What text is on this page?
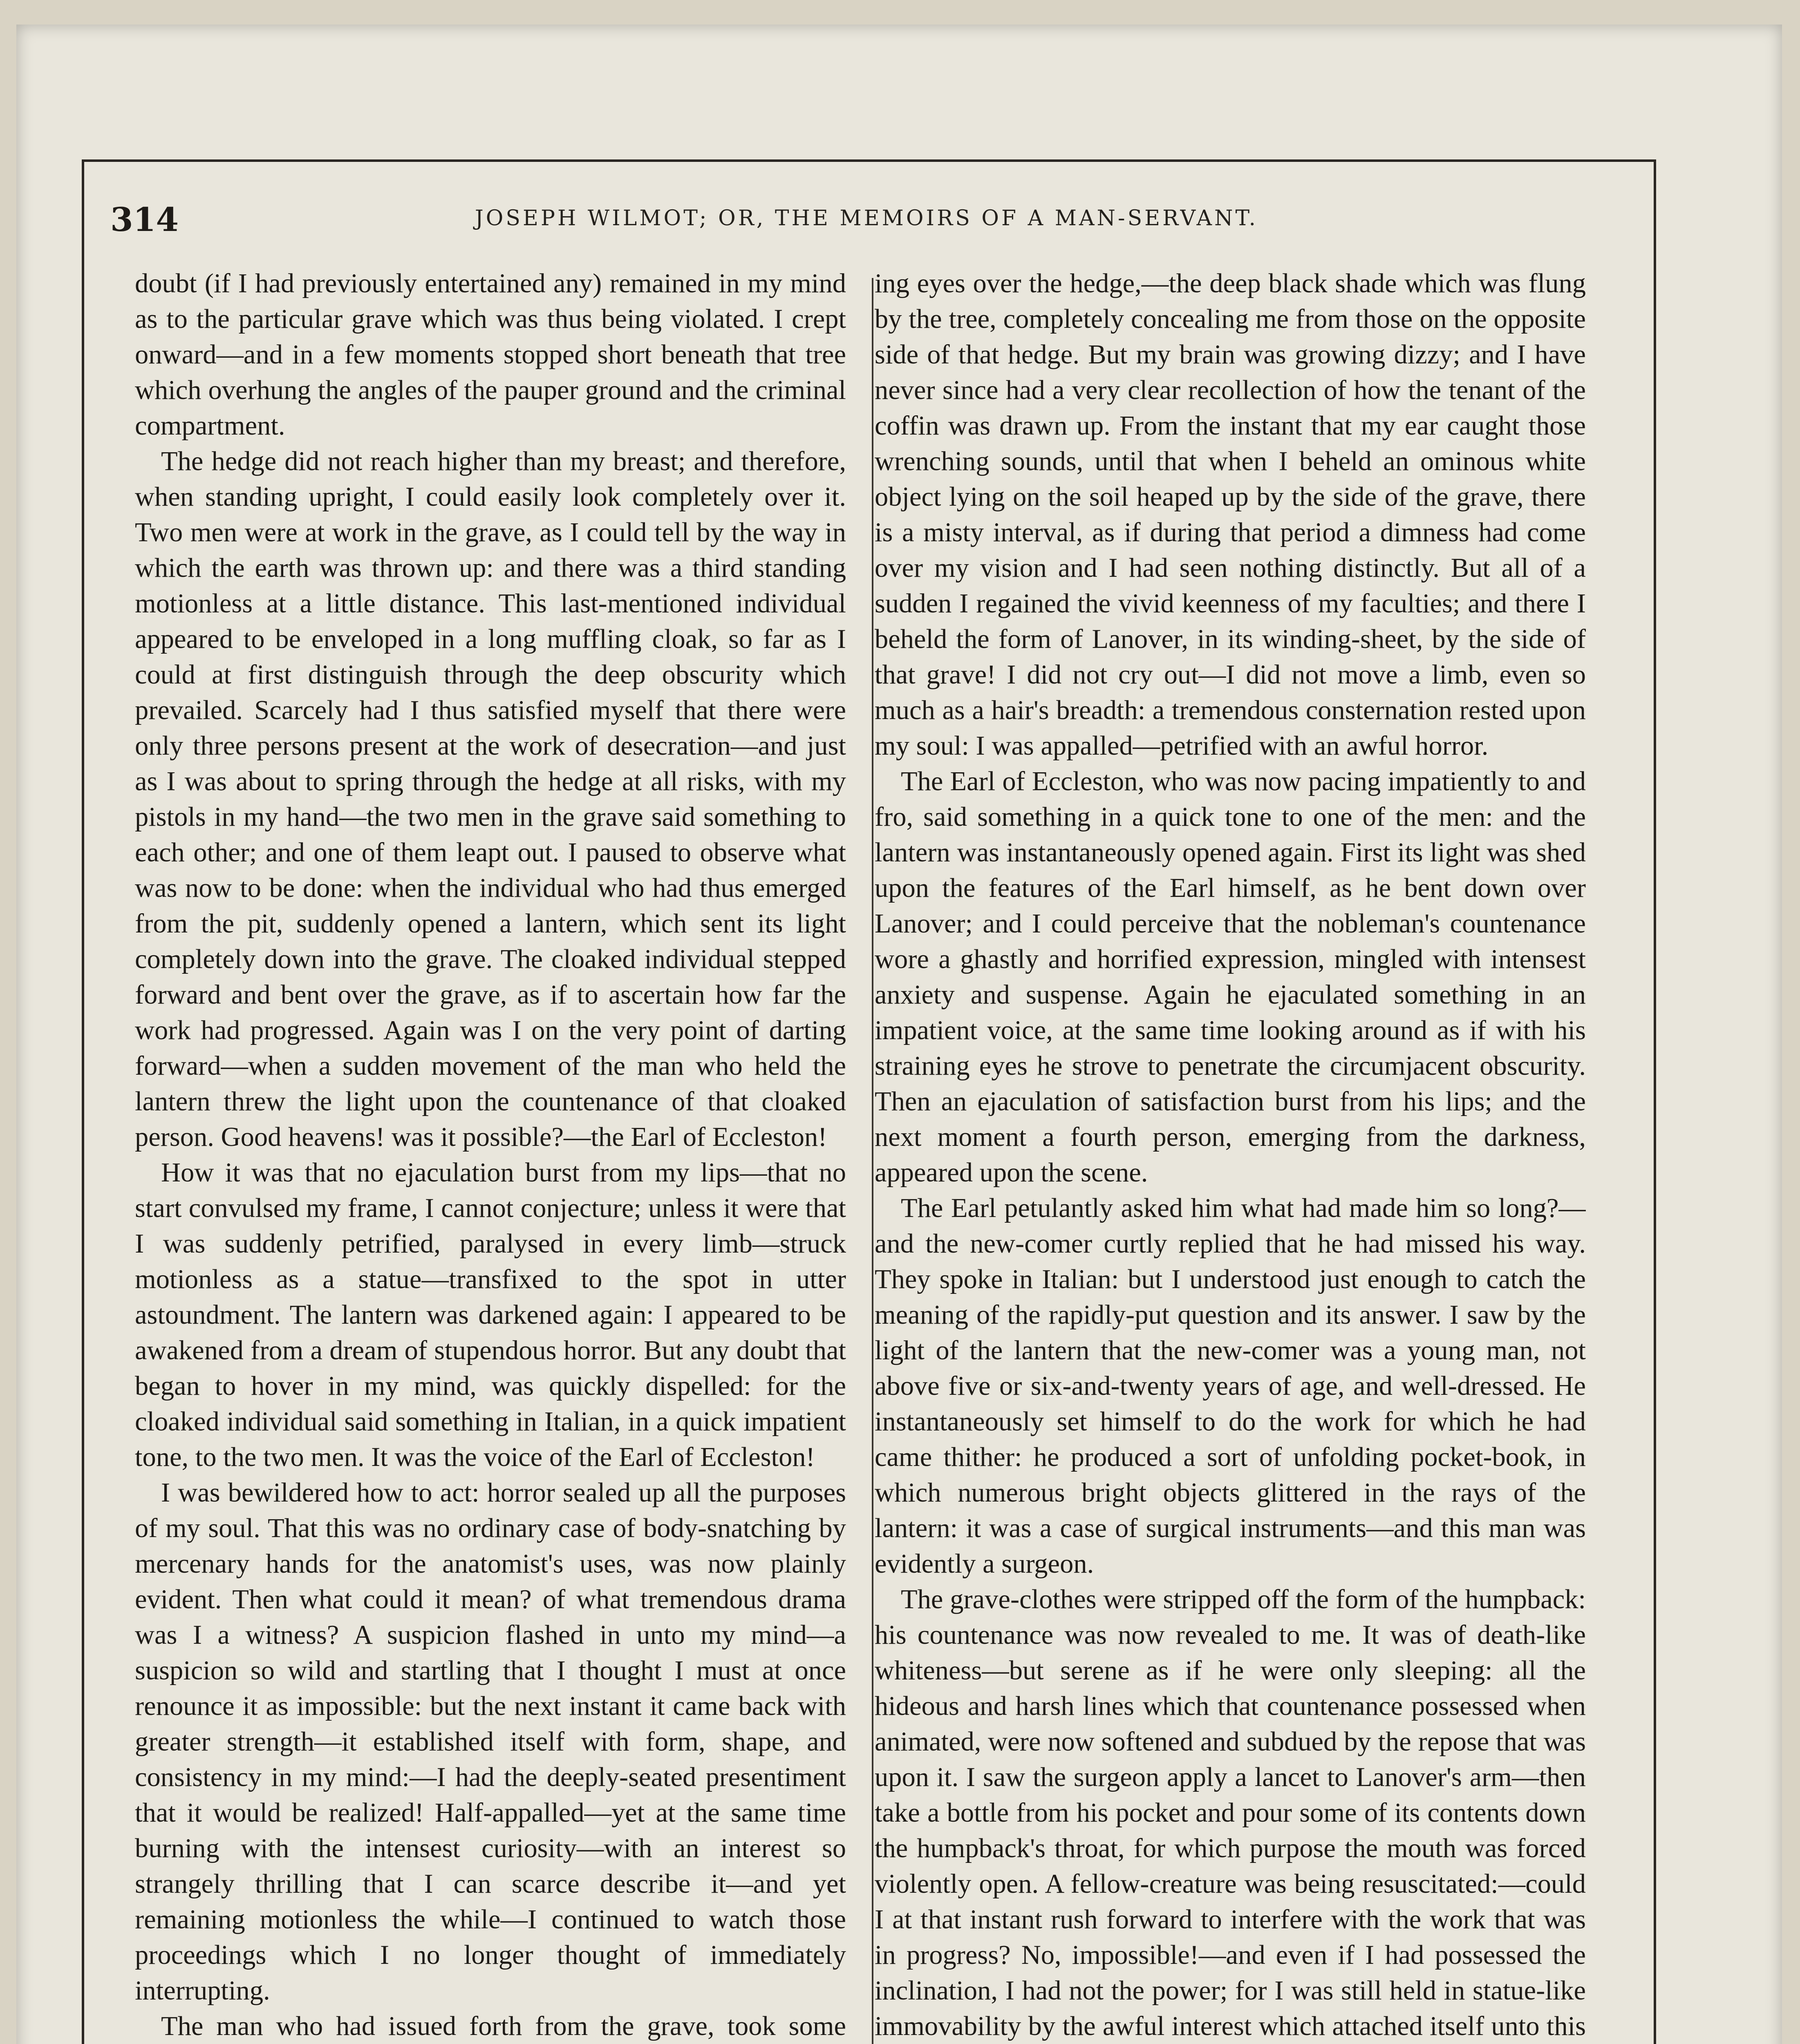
314	JOSEPH WILMOT; OR, THE MEMOIRS OF A MAN-SERVANT.

doubt (if I had previously entertained any) remained in my mind as to the particular grave which was thus being violated. I crept onward—and in a few moments stopped short beneath that tree which overhung the angles of the pauper ground and the criminal compartment.

The hedge did not reach higher than my breast; and therefore, when standing upright, I could easily look completely over it. Two men were at work in the grave, as I could tell by the way in which the earth was thrown up: and there was a third standing motionless at a little distance. This last-mentioned individual appeared to be enveloped in a long muffling cloak, so far as I could at first distinguish through the deep obscurity which prevailed. Scarcely had I thus satisfied myself that there were only three persons present at the work of desecration—and just as I was about to spring through the hedge at all risks, with my pistols in my hand—the two men in the grave said something to each other; and one of them leapt out. I paused to observe what was now to be done: when the individual who had thus emerged from the pit, suddenly opened a lantern, which sent its light completely down into the grave. The cloaked individual stepped forward and bent over the grave, as if to ascertain how far the work had progressed. Again was I on the very point of darting forward—when a sudden movement of the man who held the lantern threw the light upon the countenance of that cloaked person. Good heavens! was it possible?—the Earl of Eccleston!

How it was that no ejaculation burst from my lips—that no start convulsed my frame, I cannot conjecture; unless it were that I was suddenly petrified, paralysed in every limb—struck motionless as a statue—transfixed to the spot in utter astoundment. The lantern was darkened again: I appeared to be awakened from a dream of stupendous horror. But any doubt that began to hover in my mind, was quickly dispelled: for the cloaked individual said something in Italian, in a quick impatient tone, to the two men. It was the voice of the Earl of Eccleston!

I was bewildered how to act: horror sealed up all the purposes of my soul. That this was no ordinary case of body-snatching by mercenary hands for the anatomist's uses, was now plainly evident. Then what could it mean? of what tremendous drama was I a witness? A suspicion flashed in unto my mind—a suspicion so wild and startling that I thought I must at once renounce it as impossible: but the next instant it came back with greater strength—it established itself with form, shape, and consistency in my mind:—I had the deeply-seated presentiment that it would be realized! Half-appalled—yet at the same time burning with the intensest curiosity—with an interest so strangely thrilling that I can scarce describe it—and yet remaining motionless the while—I continued to watch those proceedings which I no longer thought of immediately interrupting.

The man who had issued forth from the grave, took some

ing eyes over the hedge,—the deep black shade which was flung by the tree, completely concealing me from those on the opposite side of that hedge. But my brain was growing dizzy; and I have never since had a very clear recollection of how the tenant of the coffin was drawn up. From the instant that my ear caught those wrenching sounds, until that when I beheld an ominous white object lying on the soil heaped up by the side of the grave, there is a misty interval, as if during that period a dimness had come over my vision and I had seen nothing distinctly. But all of a sudden I regained the vivid keenness of my faculties; and there I beheld the form of Lanover, in its winding-sheet, by the side of that grave! I did not cry out—I did not move a limb, even so much as a hair's breadth: a tremendous consternation rested upon my soul: I was appalled—petrified with an awful horror.

The Earl of Eccleston, who was now pacing impatiently to and fro, said something in a quick tone to one of the men: and the lantern was instantaneously opened again. First its light was shed upon the features of the Earl himself, as he bent down over Lanover; and I could perceive that the nobleman's countenance wore a ghastly and horrified expression, mingled with intensest anxiety and suspense. Again he ejaculated something in an impatient voice, at the same time looking around as if with his straining eyes he strove to penetrate the circumjacent obscurity. Then an ejaculation of satisfaction burst from his lips; and the next moment a fourth person, emerging from the darkness, appeared upon the scene.

The Earl petulantly asked him what had made him so long?—and the new-comer curtly replied that he had missed his way. They spoke in Italian: but I understood just enough to catch the meaning of the rapidly-put question and its answer. I saw by the light of the lantern that the new-comer was a young man, not above five or six-and-twenty years of age, and well-dressed. He instantaneously set himself to do the work for which he had came thither: he produced a sort of unfolding pocket-book, in which numerous bright objects glittered in the rays of the lantern: it was a case of surgical instruments—and this man was evidently a surgeon.

The grave-clothes were stripped off the form of the humpback: his countenance was now revealed to me. It was of death-like whiteness—but serene as if he were only sleeping: all the hideous and harsh lines which that countenance possessed when animated, were now softened and subdued by the repose that was upon it. I saw the surgeon apply a lancet to Lanover's arm—then take a bottle from his pocket and pour some of its contents down the humpback's throat, for which purpose the mouth was forced violently open. A fellow-creature was being resuscitated:—could I at that instant rush forward to interfere with the work that was in progress? No, impossible!—and even if I had possessed the inclination, I had not the power; for I was still held in statue-like immovability by the awful interest which attached itself unto this
